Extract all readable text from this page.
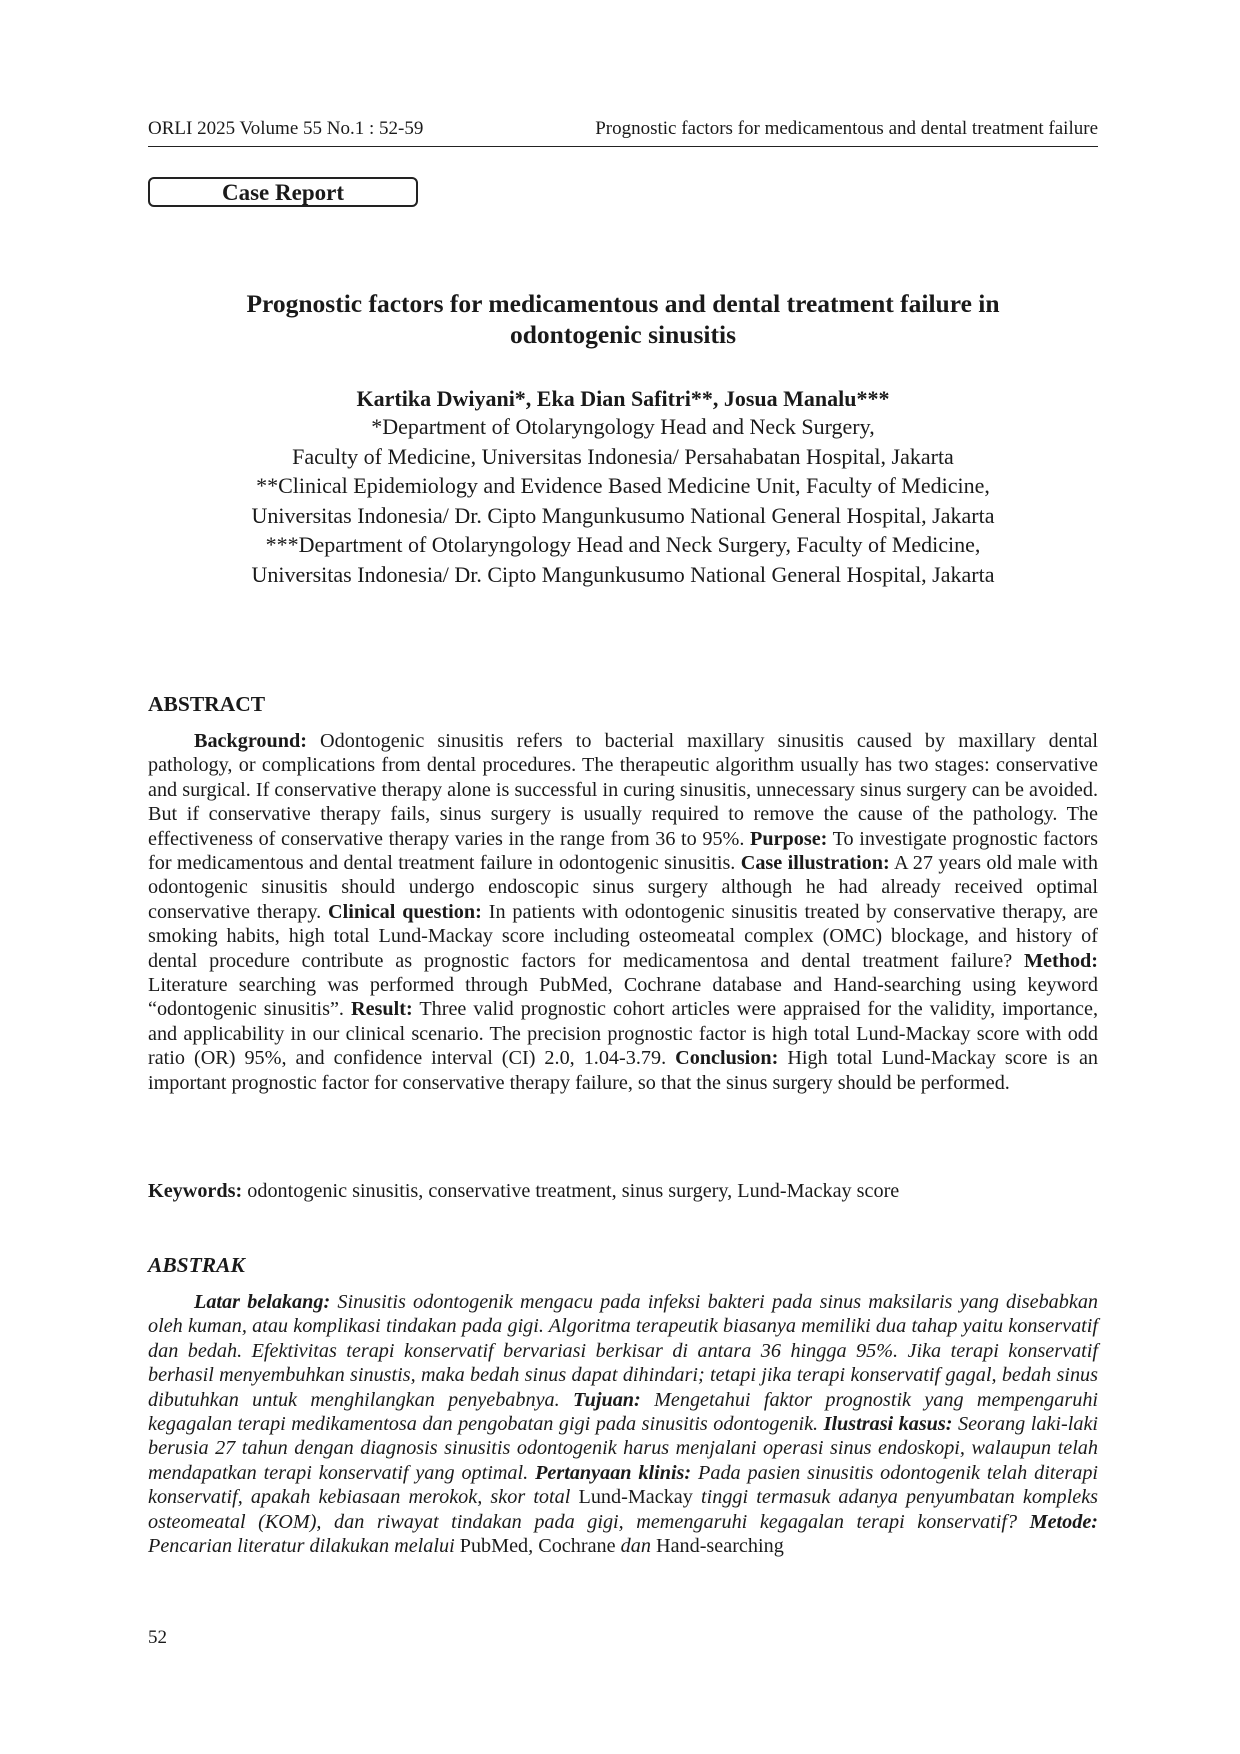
ORLI 2025 Volume 55 No.1 : 52-59	Prognostic factors for medicamentous and dental treatment failure
Case Report
Prognostic factors for medicamentous and dental treatment failure in
odontogenic sinusitis
Kartika Dwiyani*, Eka Dian Safitri**, Josua Manalu***
*Department of Otolaryngology Head and Neck Surgery,
Faculty of Medicine, Universitas Indonesia/ Persahabatan Hospital, Jakarta
**Clinical Epidemiology and Evidence Based Medicine Unit, Faculty of Medicine,
Universitas Indonesia/ Dr. Cipto Mangunkusumo National General Hospital, Jakarta
***Department of Otolaryngology Head and Neck Surgery, Faculty of Medicine,
Universitas Indonesia/ Dr. Cipto Mangunkusumo National General Hospital, Jakarta
ABSTRACT

Background: Odontogenic sinusitis refers to bacterial maxillary sinusitis caused by maxillary dental pathology, or complications from dental procedures. The therapeutic algorithm usually has two stages: conservative and surgical. If conservative therapy alone is successful in curing sinusitis, unnecessary sinus surgery can be avoided. But if conservative therapy fails, sinus surgery is usually required to remove the cause of the pathology. The effectiveness of conservative therapy varies in the range from 36 to 95%. Purpose: To investigate prognostic factors for medicamentous and dental treatment failure in odontogenic sinusitis. Case illustration: A 27 years old male with odontogenic sinusitis should undergo endoscopic sinus surgery although he had already received optimal conservative therapy. Clinical question: In patients with odontogenic sinusitis treated by conservative therapy, are smoking habits, high total Lund-Mackay score including osteomeatal complex (OMC) blockage, and history of dental procedure contribute as prognostic factors for medicamentosa and dental treatment failure? Method: Literature searching was performed through PubMed, Cochrane database and Hand-searching using keyword “odontogenic sinusitis”. Result: Three valid prognostic cohort articles were appraised for the validity, importance, and applicability in our clinical scenario. The precision prognostic factor is high total Lund-Mackay score with odd ratio (OR) 95%, and confidence interval (CI) 2.0, 1.04-3.79. Conclusion: High total Lund-Mackay score is an important prognostic factor for conservative therapy failure, so that the sinus surgery should be performed.

Keywords: odontogenic sinusitis, conservative treatment, sinus surgery, Lund-Mackay score
ABSTRAK

Latar belakang: Sinusitis odontogenik mengacu pada infeksi bakteri pada sinus maksilaris yang disebabkan oleh kuman, atau komplikasi tindakan pada gigi. Algoritma terapeutik biasanya memiliki dua tahap yaitu konservatif dan bedah. Efektivitas terapi konservatif bervariasi berkisar di antara 36 hingga 95%. Jika terapi konservatif berhasil menyembuhkan sinustis, maka bedah sinus dapat dihindari; tetapi jika terapi konservatif gagal, bedah sinus dibutuhkan untuk menghilangkan penyebabnya. Tujuan: Mengetahui faktor prognostik yang mempengaruhi kegagalan terapi medikamentosa dan pengobatan gigi pada sinusitis odontogenik. Ilustrasi kasus: Seorang laki-laki berusia 27 tahun dengan diagnosis sinusitis odontogenik harus menjalani operasi sinus endoskopi, walaupun telah mendapatkan terapi konservatif yang optimal. Pertanyaan klinis: Pada pasien sinusitis odontogenik telah diterapi konservatif, apakah kebiasaan merokok, skor total Lund-Mackay tinggi termasuk adanya penyumbatan kompleks osteomeatal (KOM), dan riwayat tindakan pada gigi, memengaruhi kegagalan terapi konservatif? Metode: Pencarian literatur dilakukan melalui PubMed, Cochrane dan Hand-searching

52
